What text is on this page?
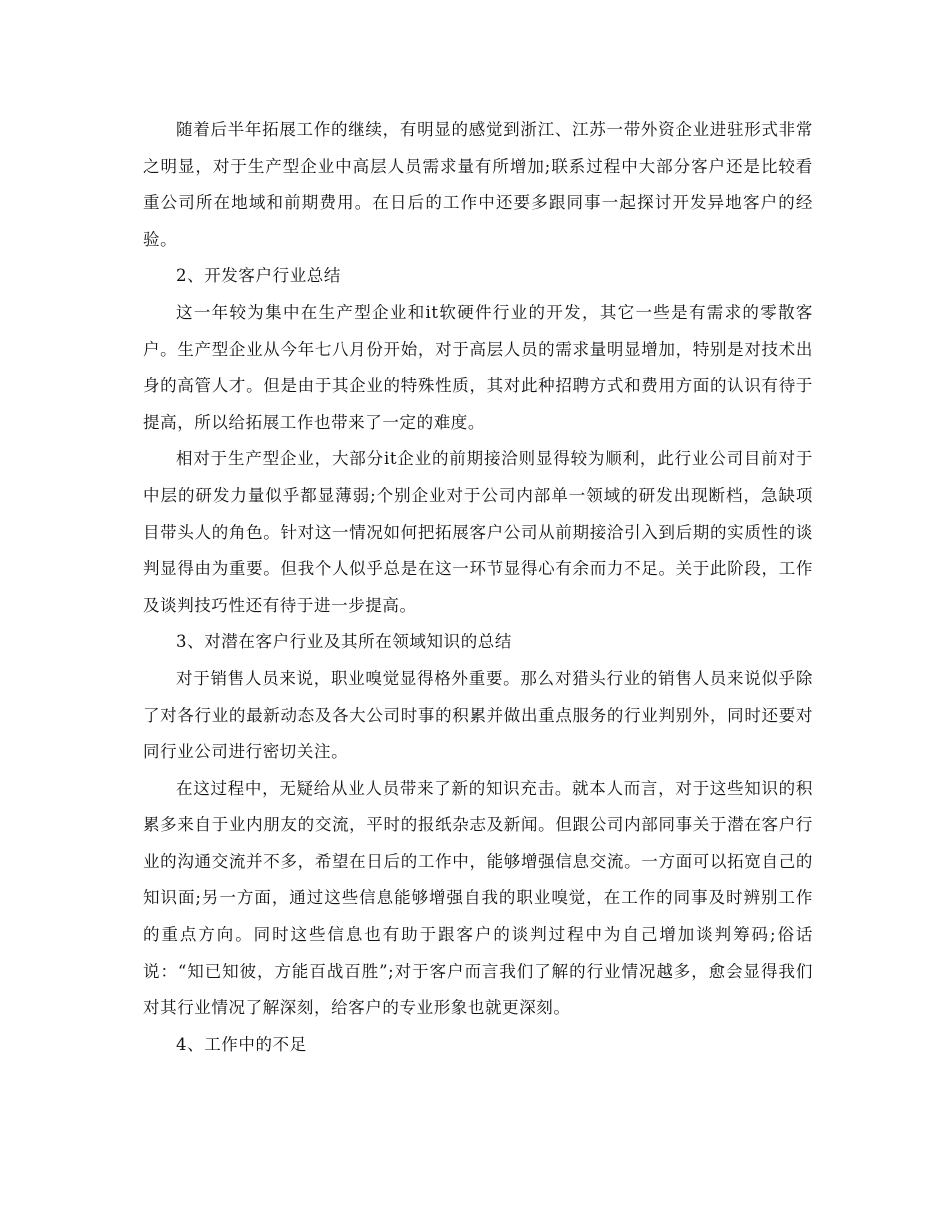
随着后半年拓展工作的继续，有明显的感觉到浙江、江苏一带外资企业进驻形式非常之明显，对于生产型企业中高层人员需求量有所增加;联系过程中大部分客户还是比较看重公司所在地域和前期费用。在日后的工作中还要多跟同事一起探讨开发异地客户的经验。

2、开发客户行业总结

这一年较为集中在生产型企业和it软硬件行业的开发，其它一些是有需求的零散客户。生产型企业从今年七八月份开始，对于高层人员的需求量明显增加，特别是对技术出身的高管人才。但是由于其企业的特殊性质，其对此种招聘方式和费用方面的认识有待于提高，所以给拓展工作也带来了一定的难度。

相对于生产型企业，大部分it企业的前期接洽则显得较为顺利，此行业公司目前对于中层的研发力量似乎都显薄弱;个别企业对于公司内部单一领域的研发出现断档，急缺项目带头人的角色。针对这一情况如何把拓展客户公司从前期接洽引入到后期的实质性的谈判显得由为重要。但我个人似乎总是在这一环节显得心有余而力不足。关于此阶段，工作及谈判技巧性还有待于进一步提高。

3、对潜在客户行业及其所在领域知识的总结

对于销售人员来说，职业嗅觉显得格外重要。那么对猎头行业的销售人员来说似乎除了对各行业的最新动态及各大公司时事的积累并做出重点服务的行业判别外，同时还要对同行业公司进行密切关注。

在这过程中，无疑给从业人员带来了新的知识充击。就本人而言，对于这些知识的积累多来自于业内朋友的交流，平时的报纸杂志及新闻。但跟公司内部同事关于潜在客户行业的沟通交流并不多，希望在日后的工作中，能够增强信息交流。一方面可以拓宽自己的知识面;另一方面，通过这些信息能够增强自我的职业嗅觉，在工作的同事及时辨别工作的重点方向。同时这些信息也有助于跟客户的谈判过程中为自己增加谈判筹码;俗话说：“知已知彼，方能百战百胜”;对于客户而言我们了解的行业情况越多，愈会显得我们对其行业情况了解深刻，给客户的专业形象也就更深刻。

4、工作中的不足
